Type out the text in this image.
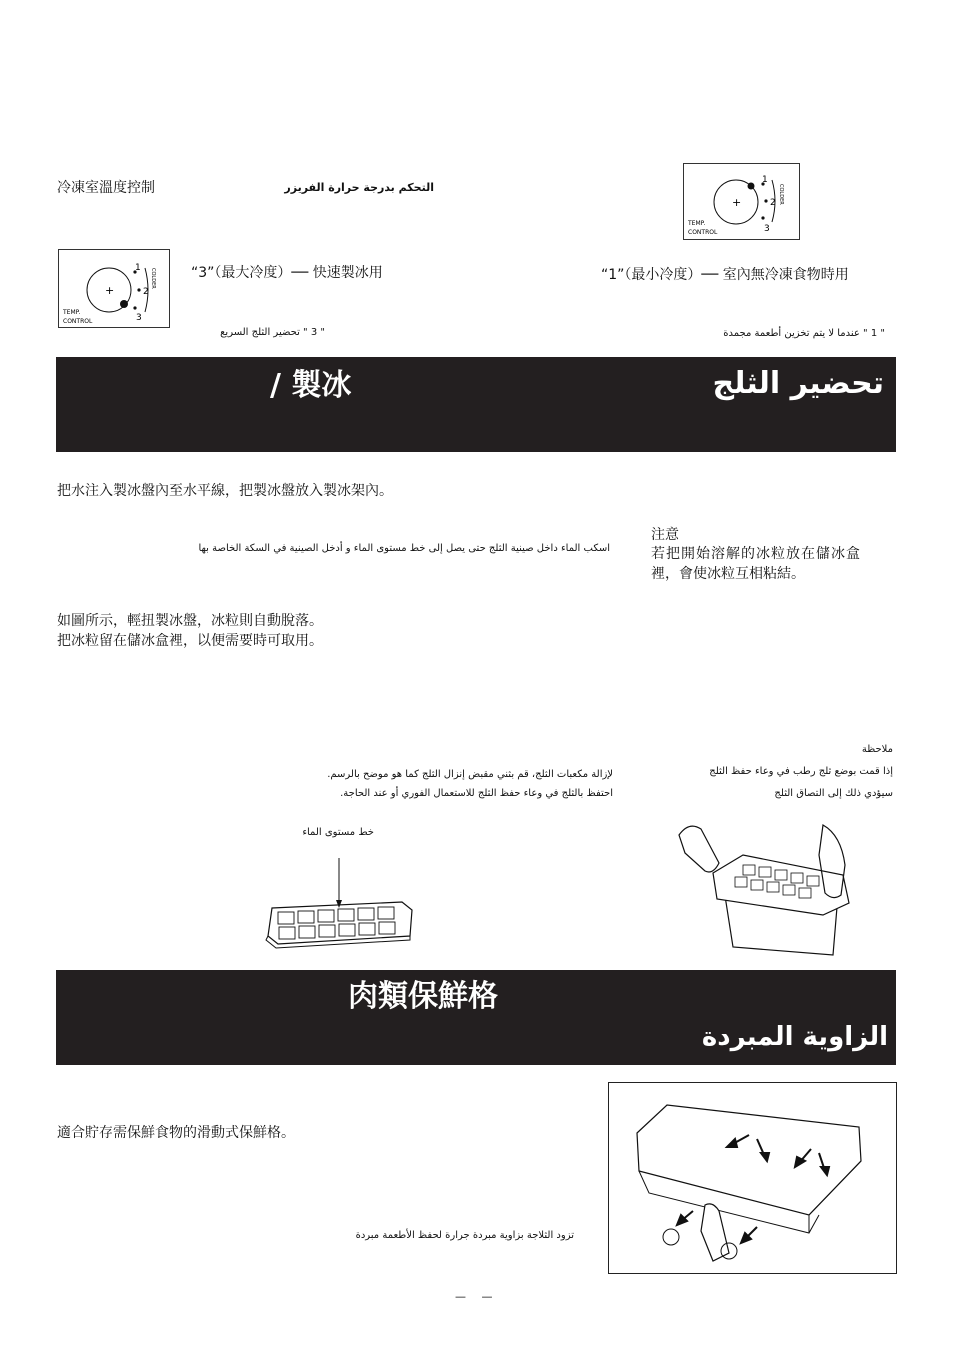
冷凍室溫度控制	التحكم بدرجة حرارة الفريزر
+
1
2
3
COLDER
TEMP.
CONTROL
+
1
2
3
COLDER
TEMP.
CONTROL
“3”（最大冷度）── 快速製冰用
" 3 " تحضير الثلج السريع
“1”（最小冷度）── 室內無冷凍食物時用
" 1 " عندما لا يتم تخزين أطعمة مجمدة
/ 製冰	تحضير الثلج
把水注入製冰盤內至水平線，把製冰盤放入製冰架內。
اسكب الماء داخل صينية الثلج حتى يصل إلى خط مستوى الماء و أدخل الصينية في السكة الخاصة بها
注意
若把開始溶解的冰粒放在儲冰盒
裡，會使冰粒互相粘結。
如圖所示，輕扭製冰盤，冰粒則自動脫落。
把冰粒留在儲冰盒裡，以便需要時可取用。
لإزالة مكعبات الثلج، قم بثني مقبض إنزال الثلج كما هو موضح بالرسم.
احتفظ بالثلج في وعاء حفظ الثلج للاستعمال الفوري أو عند الحاجة.
ملاحظة
إذا قمت بوضع ثلج رطب في وعاء حفظ الثلج
سيؤدي ذلك إلى التصاق الثلج
خط مستوى الماء
肉類保鮮格
الزاوية المبردة
適合貯存需保鮮食物的滑動式保鮮格。
تزود الثلاجة بزاوية مبردة جرارة لحفظ الأطعمة مبردة
— —
